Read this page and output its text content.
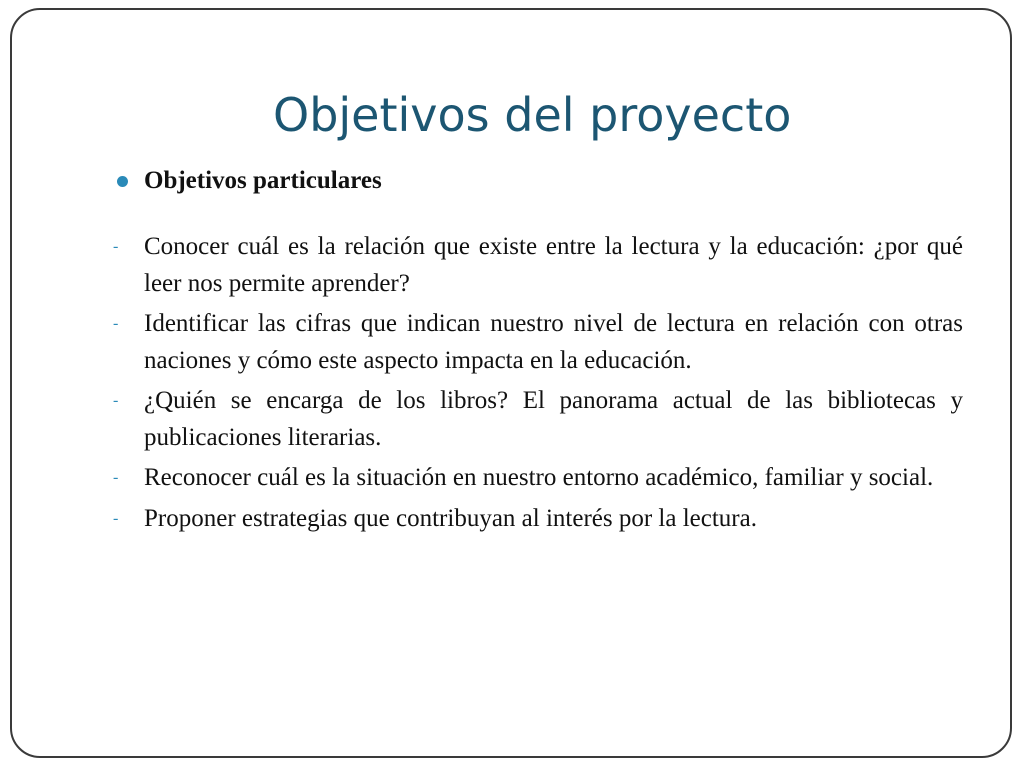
Objetivos del proyecto
Objetivos particulares
- Conocer cuál es la relación que existe entre la lectura y la educación: ¿por qué leer nos permite aprender?
- Identificar las cifras que indican nuestro nivel de lectura en relación con otras naciones y cómo este aspecto impacta en la educación.
- ¿Quién se encarga de los libros? El panorama actual de las bibliotecas y publicaciones literarias.
- Reconocer cuál es la situación en nuestro entorno académico, familiar y social.
- Proponer estrategias que contribuyan al interés por la lectura.
